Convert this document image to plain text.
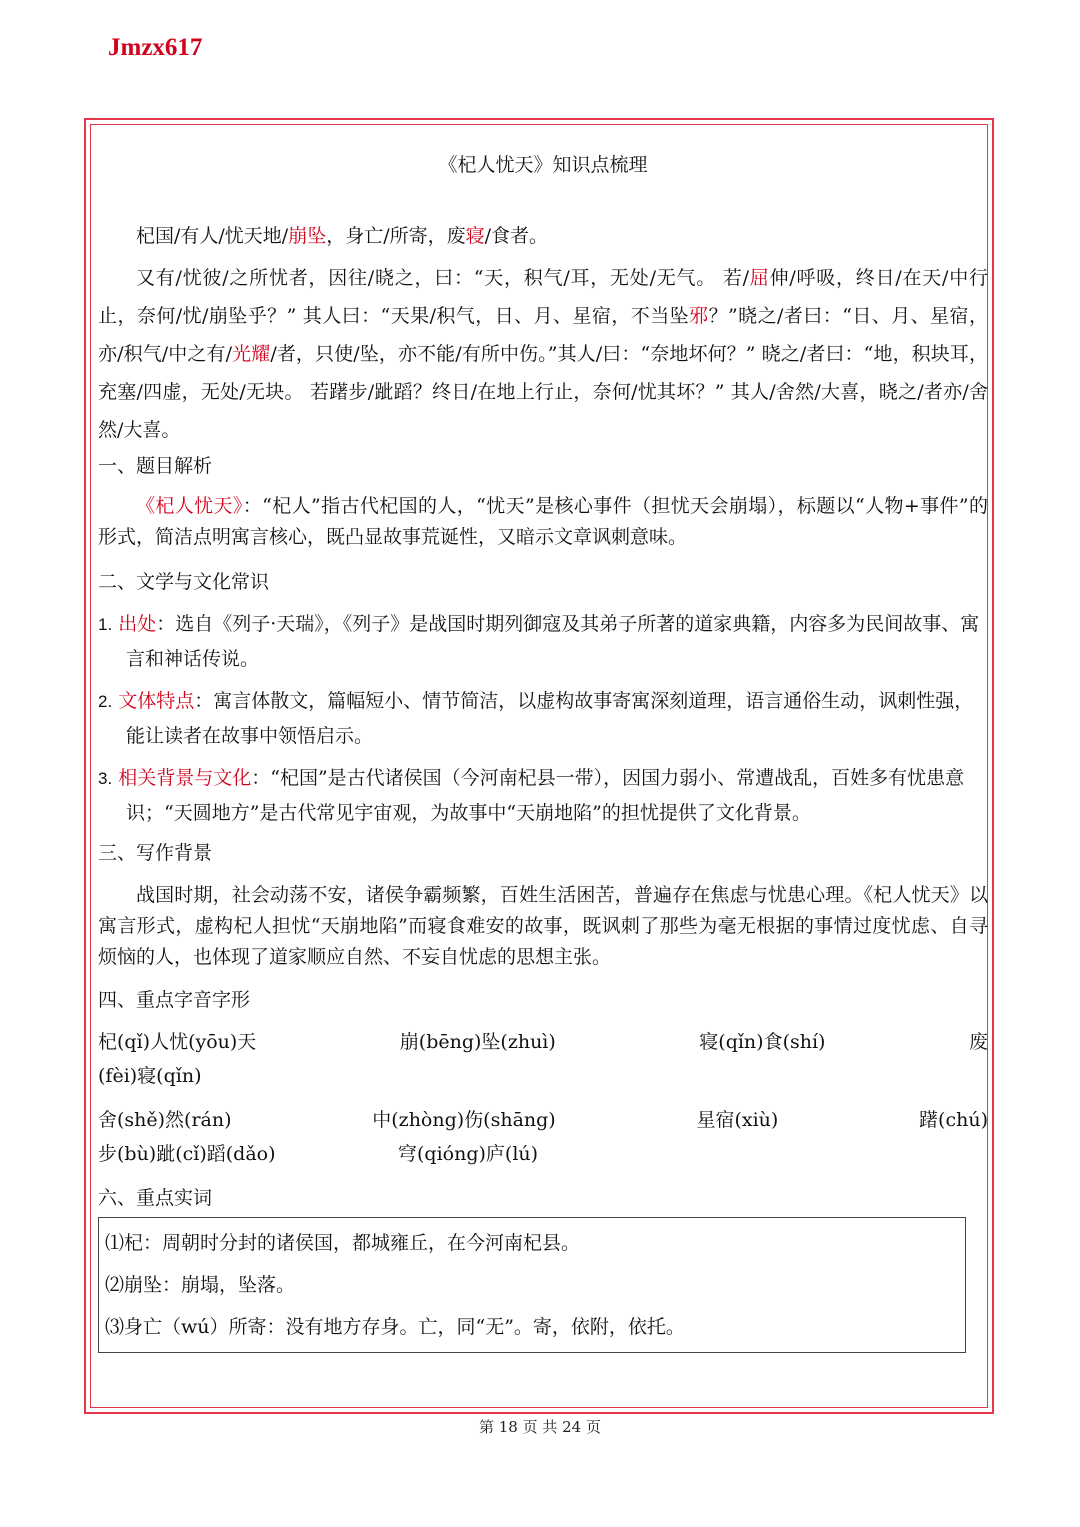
Jmzx617

《杞人忧天》知识点梳理

杞国/有人/忧天地/崩坠，身亡/所寄，废寝/食者。

又有/忧彼/之所忧者，因往/晓之，曰：“天，积气/耳，无处/无气。 若/屈伸/呼吸，终日/在天/中行止，奈何/忧/崩坠乎？” 其人曰：“天果/积气，日、月、星宿，不当坠邪？”晓之/者曰：“日、月、星宿，亦/积气/中之有/光耀/者，只使/坠，亦不能/有所中伤。”其人/曰：“奈地坏何？” 晓之/者曰：“地，积块耳，充塞/四虚，无处/无块。 若躇步/跐蹈？终日/在地上行止，奈何/忧其坏？” 其人/舍然/大喜，晓之/者亦/舍然/大喜。

一、题目解析

《杞人忧天》：“杞人”指古代杞国的人，“忧天”是核心事件（担忧天会崩塌），标题以“人物+事件”的形式，简洁点明寓言核心，既凸显故事荒诞性，又暗示文章讽刺意味。

二、文学与文化常识

1. 出处：选自《列子·天瑞》，《列子》是战国时期列御寇及其弟子所著的道家典籍，内容多为民间故事、寓言和神话传说。

2. 文体特点：寓言体散文，篇幅短小、情节简洁，以虚构故事寄寓深刻道理，语言通俗生动，讽刺性强，能让读者在故事中领悟启示。

3. 相关背景与文化：“杞国”是古代诸侯国（今河南杞县一带），因国力弱小、常遭战乱，百姓多有忧患意识；“天圆地方”是古代常见宇宙观，为故事中“天崩地陷”的担忧提供了文化背景。

三、写作背景

战国时期，社会动荡不安，诸侯争霸频繁，百姓生活困苦，普遍存在焦虑与忧患心理。《杞人忧天》以寓言形式，虚构杞人担忧“天崩地陷”而寝食难安的故事，既讽刺了那些为毫无根据的事情过度忧虑、自寻烦恼的人，也体现了道家顺应自然、不妄自忧虑的思想主张。

四、重点字音字形

杞(qǐ)人忧(yōu)天	崩(bēng)坠(zhuì)	寝(qǐn)食(shí)	废
(fèi)寝(qǐn)
舍(shě)然(rán)	中(zhòng)伤(shāng)	星宿(xiù)	躇(chú)
步(bù)跐(cǐ)蹈(dǎo)	穹(qióng)庐(lú)

六、重点实词

⑴杞：周朝时分封的诸侯国，都城雍丘，在今河南杞县。

⑵崩坠：崩塌，坠落。

⑶身亡（wú）所寄：没有地方存身。亡，同“无”。寄，依附，依托。

第 18 页 共 24 页
